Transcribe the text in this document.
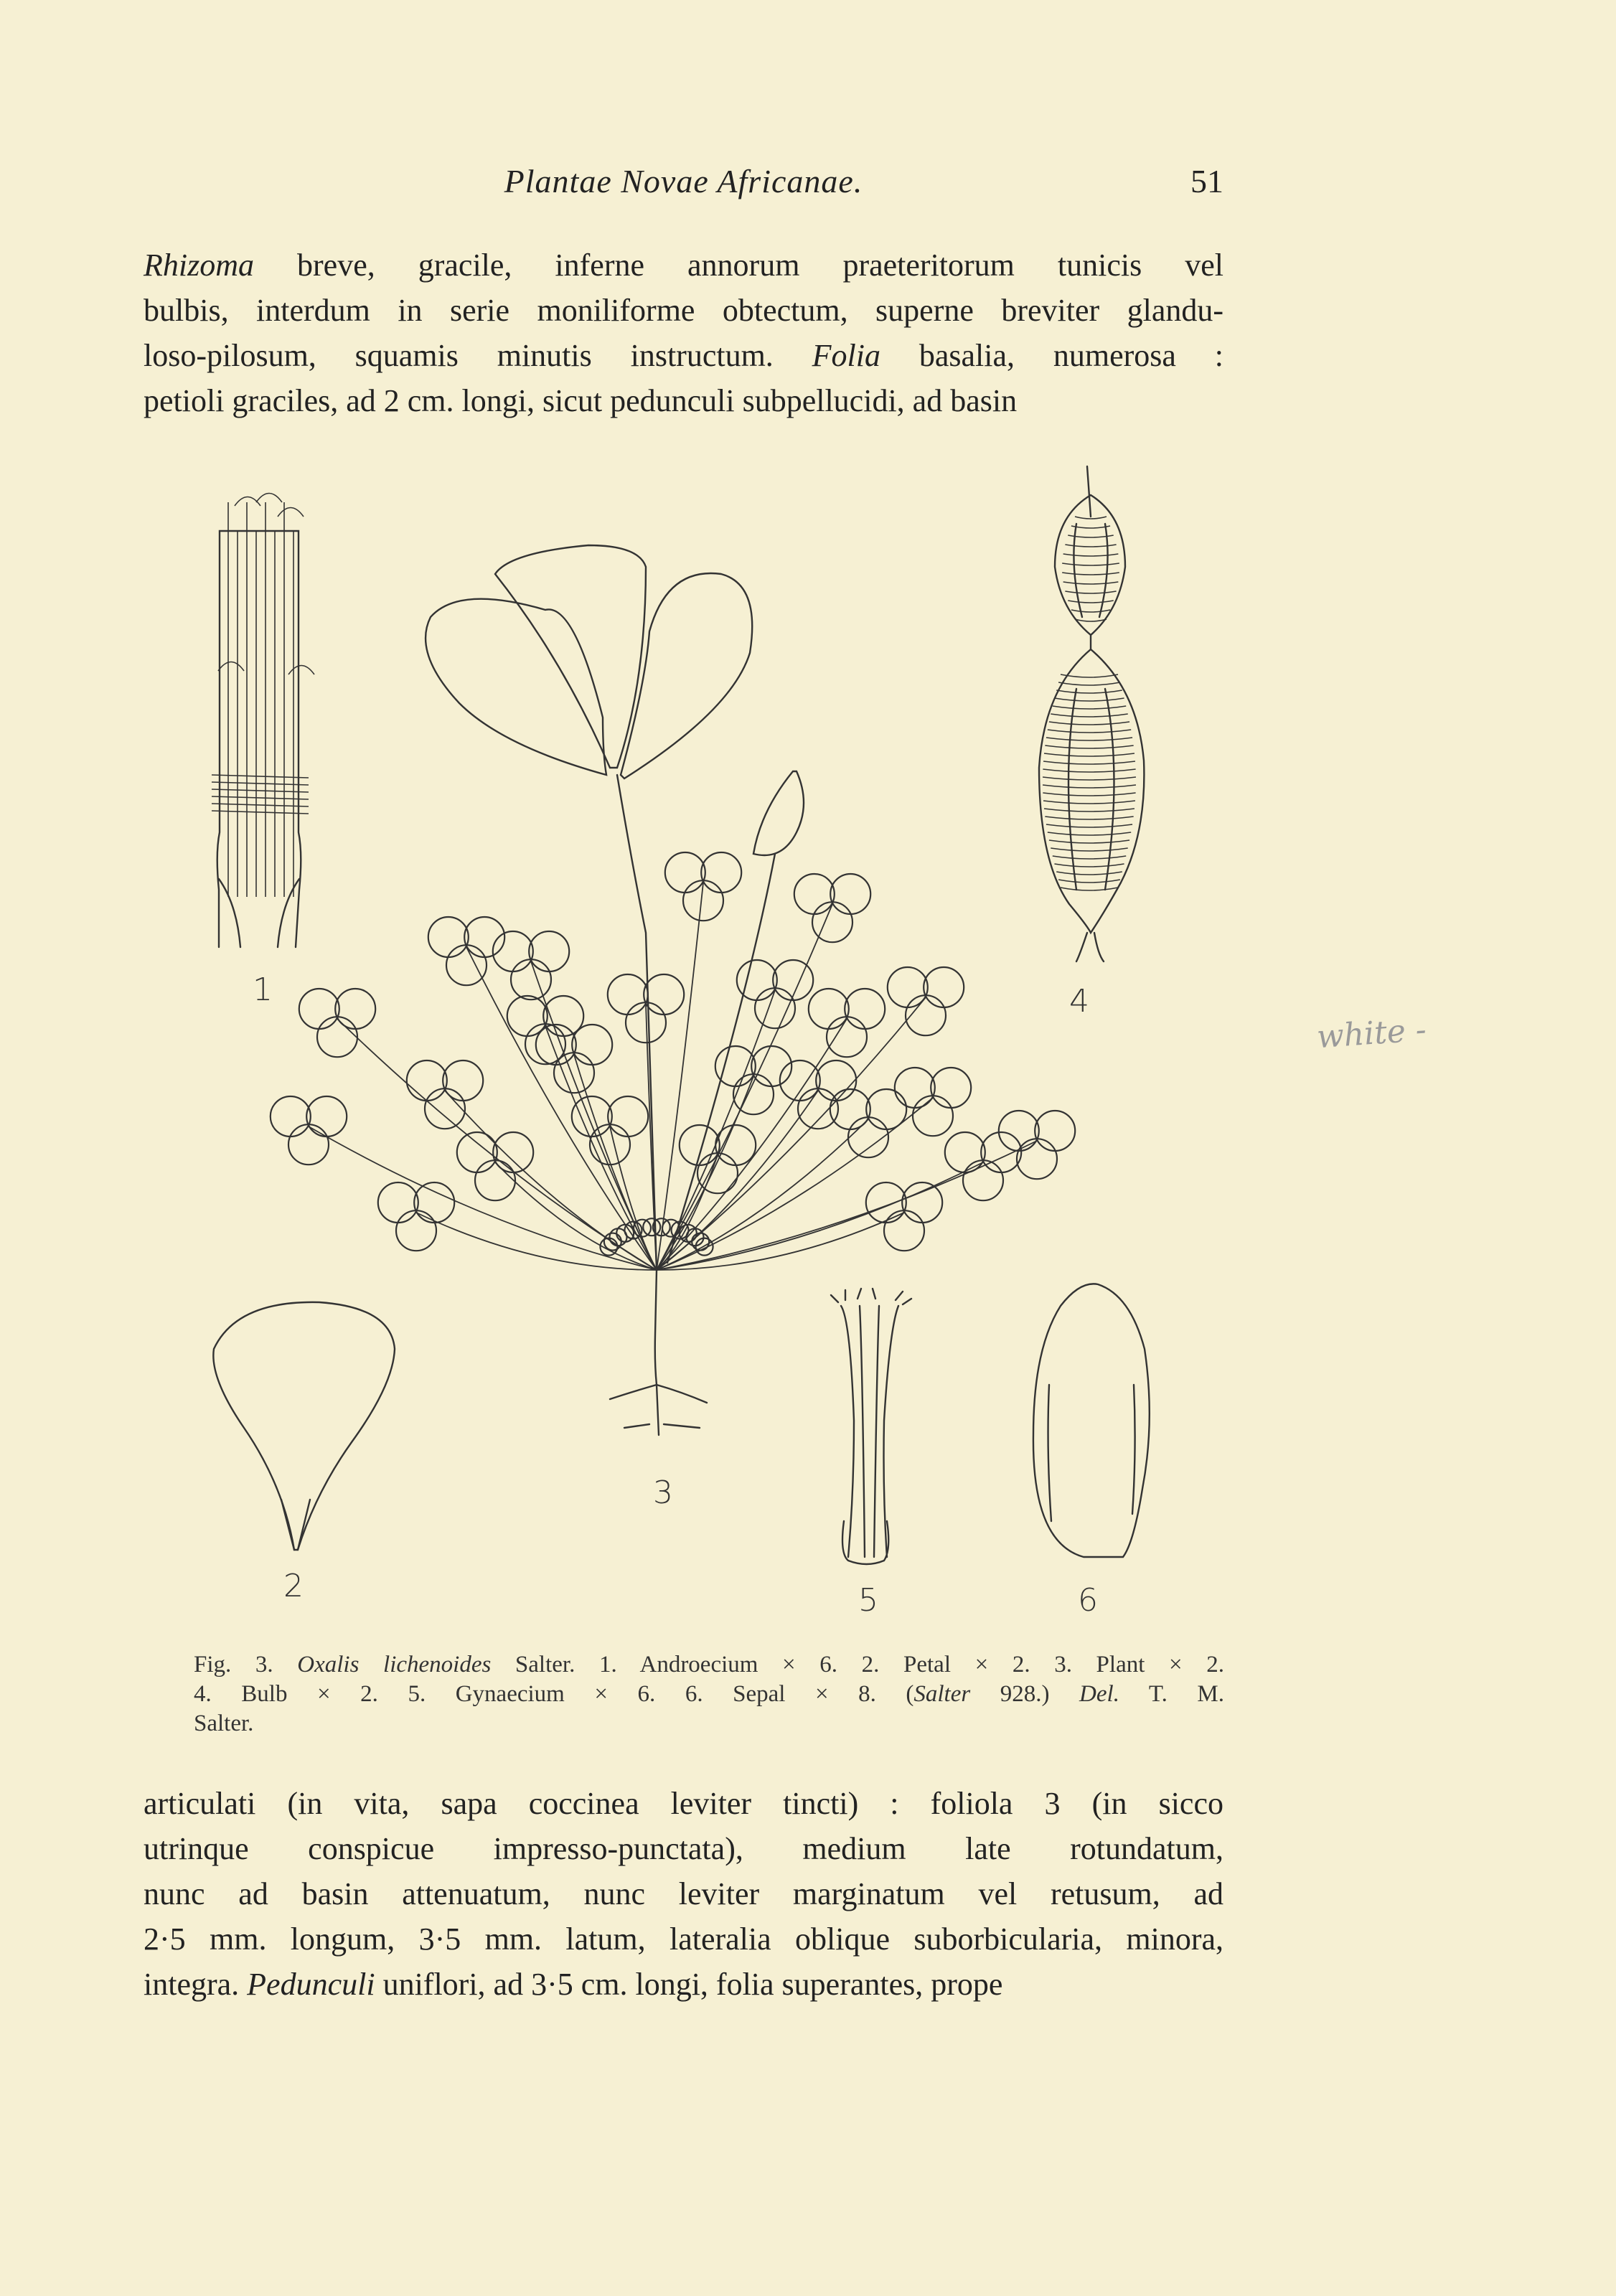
Plantae Novae Africanae.	51
Rhizoma breve, gracile, inferne annorum praeteritorum tunicis vel
bulbis, interdum in serie moniliforme obtectum, superne breviter glandu-
loso-pilosum, squamis minutis instructum. Folia basalia, numerosa :
petioli graciles, ad 2 cm. longi, sicut pedunculi subpellucidi, ad basin
1	4
3
2	5	6
white -
Fig. 3. Oxalis lichenoides Salter. 1. Androecium × 6. 2. Petal × 2. 3. Plant × 2.
4. Bulb × 2. 5. Gynaecium × 6. 6. Sepal × 8. (Salter 928.) Del. T. M.
Salter.
articulati (in vita, sapa coccinea leviter tincti) : foliola 3 (in sicco
utrinque conspicue impresso-punctata), medium late rotundatum,
nunc ad basin attenuatum, nunc leviter marginatum vel retusum, ad
2·5 mm. longum, 3·5 mm. latum, lateralia oblique suborbicularia, minora,
integra. Pedunculi uniflori, ad 3·5 cm. longi, folia superantes, prope
